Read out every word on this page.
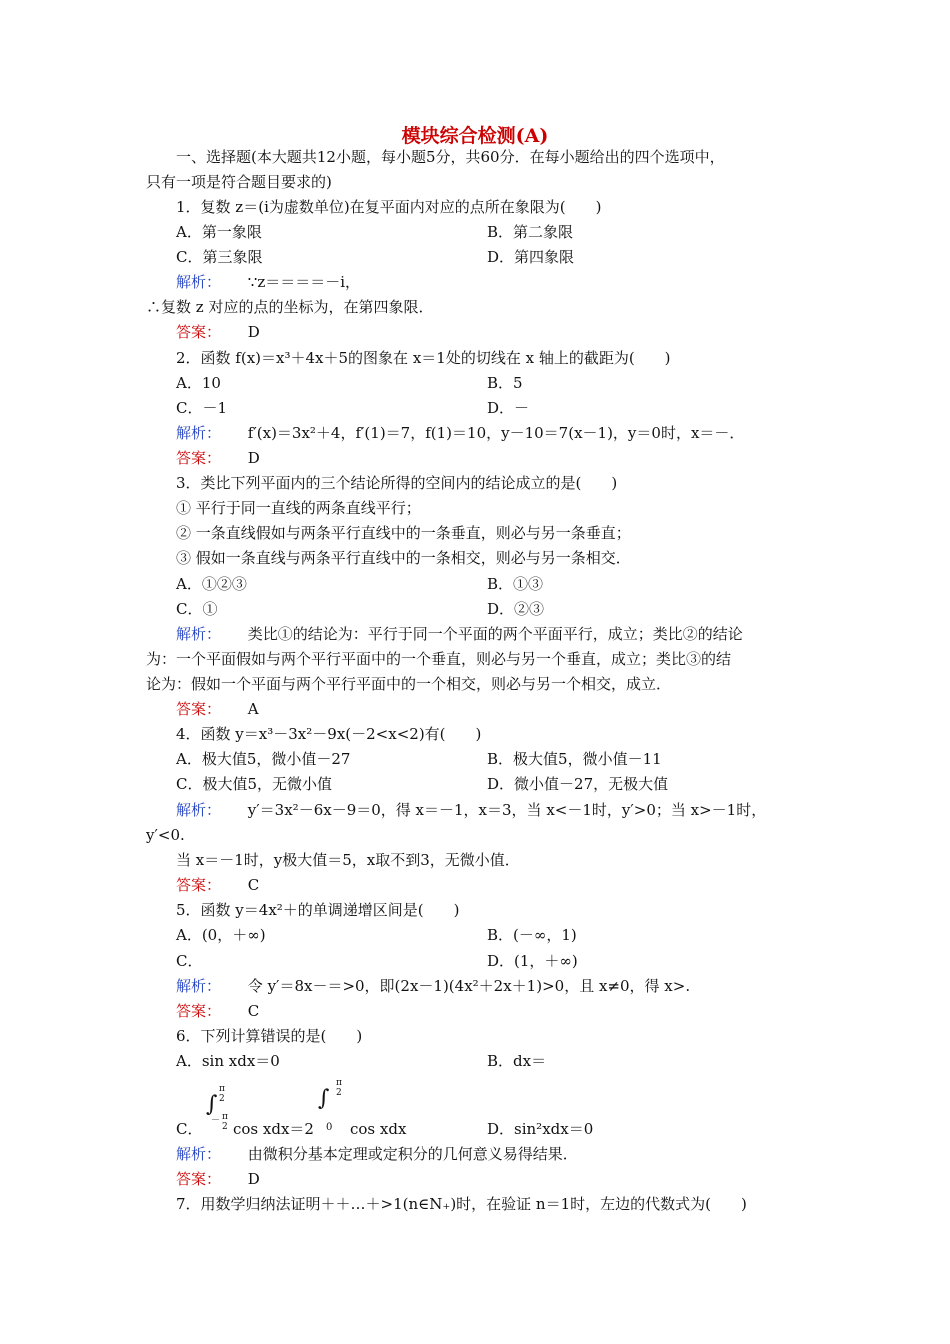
模块综合检测(A)
一、选择题(本大题共12小题，每小题5分，共60分．在每小题给出的四个选项中，
只有一项是符合题目要求的)
1．复数 z＝(i为虚数单位)在复平面内对应的点所在象限为(　　)
A．第一象限	B．第二象限
C．第三象限	D．第四象限
解析： ∵z＝＝＝＝－i，
∴复数 z 对应的点的坐标为，在第四象限．
答案： D
2．函数 f(x)＝x³＋4x＋5的图象在 x＝1处的切线在 x 轴上的截距为(　　)
A．10	B．5
C．－1	D．－
解析： f′(x)＝3x²＋4，f′(1)＝7，f(1)＝10，y－10＝7(x－1)，y＝0时，x＝－．
答案： D
3．类比下列平面内的三个结论所得的空间内的结论成立的是(　　)
① 平行于同一直线的两条直线平行；
② 一条直线假如与两条平行直线中的一条垂直，则必与另一条垂直；
③ 假如一条直线与两条平行直线中的一条相交，则必与另一条相交．
A．①②③	B．①③
C．①	D．②③
解析： 类比①的结论为：平行于同一个平面的两个平面平行，成立；类比②的结论
为：一个平面假如与两个平行平面中的一个垂直，则必与另一个垂直，成立；类比③的结
论为：假如一个平面与两个平行平面中的一个相交，则必与另一个相交，成立．
答案： A
4．函数 y＝x³－3x²－9x(－2<x<2)有(　　)
A．极大值5，微小值－27	B．极大值5，微小值－11
C．极大值5，无微小值	D．微小值－27，无极大值
解析： y′＝3x²－6x－9＝0，得 x＝－1，x＝3，当 x<－1时，y′>0；当 x>－1时，
y′<0.
当 x＝－1时，y极大值＝5，x取不到3，无微小值．
答案： C
5．函数 y＝4x²＋的单调递增区间是(　　)
A．(0，＋∞)	B．(－∞，1)
C．	D．(1，＋∞)
解析： 令 y′＝8x－＝>0，即(2x－1)(4x²＋2x＋1)>0，且 x≠0，得 x>.
答案： C
6．下列计算错误的是(　　)
A．sin xdx＝0	B．dx＝
C．
∫
π
2
－ π
2 cos xdx＝2
∫
π
2
0 cos xdx	D．sin²xdx＝0
解析： 由微积分基本定理或定积分的几何意义易得结果．
答案： D
7．用数学归纳法证明＋＋…＋>1(n∈N₊)时，在验证 n＝1时，左边的代数式为(　　)
